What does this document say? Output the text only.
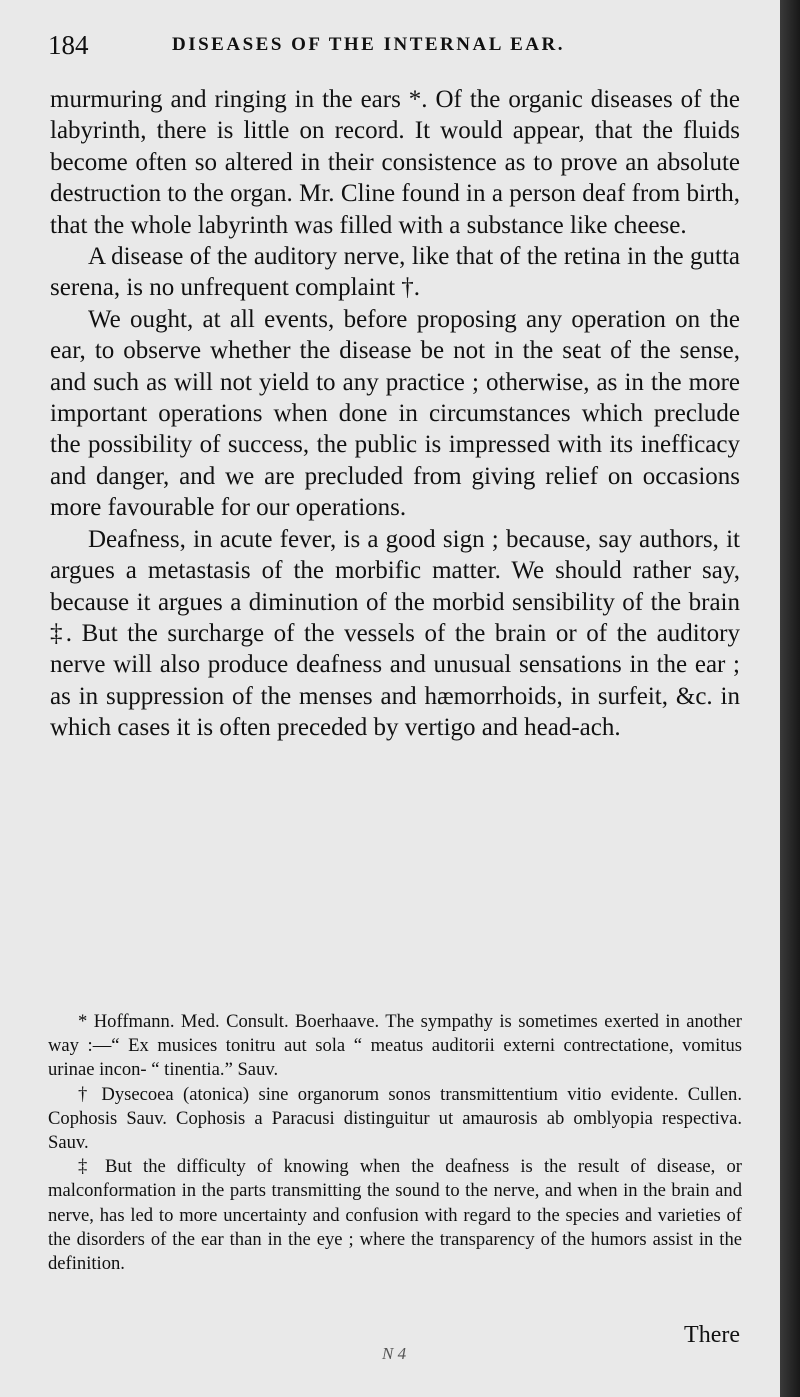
184	DISEASES OF THE INTERNAL EAR.

murmuring and ringing in the ears *. Of the organic diseases of the labyrinth, there is little on record. It would appear, that the fluids become often so altered in their consistence as to prove an absolute destruction to the organ. Mr. Cline found in a person deaf from birth, that the whole labyrinth was filled with a substance like cheese.

A disease of the auditory nerve, like that of the retina in the gutta serena, is no unfrequent complaint †.

We ought, at all events, before proposing any operation on the ear, to observe whether the disease be not in the seat of the sense, and such as will not yield to any practice ; otherwise, as in the more important operations when done in circumstances which preclude the possibility of success, the public is impressed with its inefficacy and danger, and we are precluded from giving relief on occasions more favourable for our operations.

Deafness, in acute fever, is a good sign ; because, say authors, it argues a metastasis of the morbific matter. We should rather say, because it argues a diminution of the morbid sensibility of the brain ‡. But the surcharge of the vessels of the brain or of the auditory nerve will also produce deafness and unusual sensations in the ear ; as in suppression of the menses and hæmorrhoids, in surfeit, &c. in which cases it is often preceded by vertigo and head-ach.

* Hoffmann. Med. Consult. Boerhaave. The sympathy is sometimes exerted in another way :—“ Ex musices tonitru aut sola “ meatus auditorii externi contrectatione, vomitus urinae incon- “ tinentia.” Sauv.

† Dysecoea (atonica) sine organorum sonos transmittentium vitio evidente. Cullen. Cophosis Sauv. Cophosis a Paracusi distinguitur ut amaurosis ab omblyopia respectiva. Sauv.

‡ But the difficulty of knowing when the deafness is the result of disease, or malconformation in the parts transmitting the sound to the nerve, and when in the brain and nerve, has led to more uncertainty and confusion with regard to the species and varieties of the disorders of the ear than in the eye ; where the transparency of the humors assist in the definition.

There
N 4
